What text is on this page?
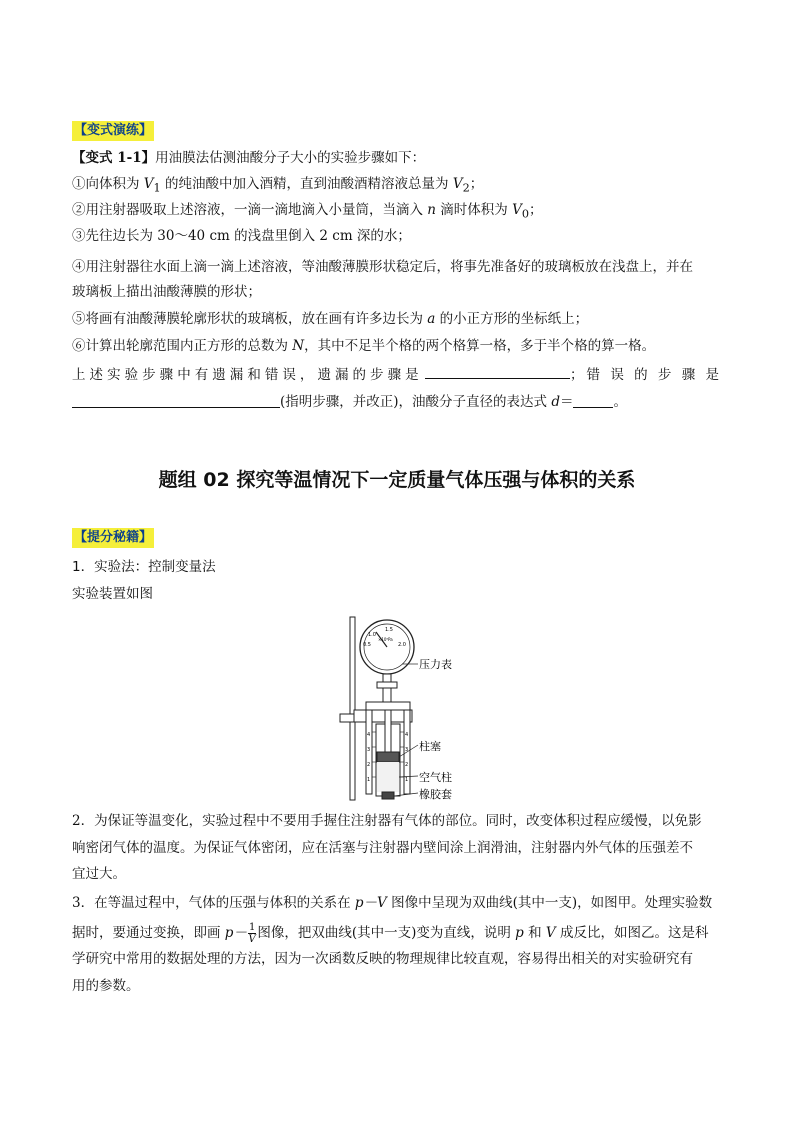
【变式演练】
【变式 1-1】用油膜法估测油酸分子大小的实验步骤如下：
①向体积为 $V_1$ 的纯油酸中加入酒精，直到油酸酒精溶液总量为 $V_2$；
②用注射器吸取上述溶液，一滴一滴地滴入小量筒，当滴入 n 滴时体积为 $V_0$；
③先往边长为 30～40 cm 的浅盘里倒入 2 cm 深的水；
④用注射器往水面上滴一滴上述溶液，等油酸薄膜形状稳定后，将事先准备好的玻璃板放在浅盘上，并在
玻璃板上描出油酸薄膜的形状；
⑤将画有油酸薄膜轮廓形状的玻璃板，放在画有许多边长为 a 的小正方形的坐标纸上；
⑥计算出轮廓范围内正方形的总数为 N，其中不足半个格的两个格算一格，多于半个格的算一格。
上 述 实 验 步 骤 中 有 遗 漏 和 错 误 ， 遗 漏 的 步 骤 是	；错 误 的 步 骤 是
(指明步骤，并改正)，油酸分子直径的表达式 d＝	。
题组 02 探究等温情况下一定质量气体压强与体积的关系
【提分秘籍】
1．实验法：控制变量法
实验装置如图
1.0
1.5
0.5	2.0
×10⁵Pa
4
3
2
1
4
3
2
1
压力表
柱塞
空气柱
橡胶套
2．为保证等温变化，实验过程中不要用手握住注射器有气体的部位。同时，改变体积过程应缓慢，以免影
响密闭气体的温度。为保证气体密闭，应在活塞与注射器内壁间涂上润滑油，注射器内外气体的压强差不
宜过大。
3．在等温过程中，气体的压强与体积的关系在 p－V 图像中呈现为双曲线(其中一支)，如图甲。处理实验数
据时，要通过变换，即画 $p- \frac{1}{V}$ 图像，把双曲线(其中一支)变为直线，说明 p 和 V 成反比，如图乙。这是科
学研究中常用的数据处理的方法，因为一次函数反映的物理规律比较直观，容易得出相关的对实验研究有
用的参数。
